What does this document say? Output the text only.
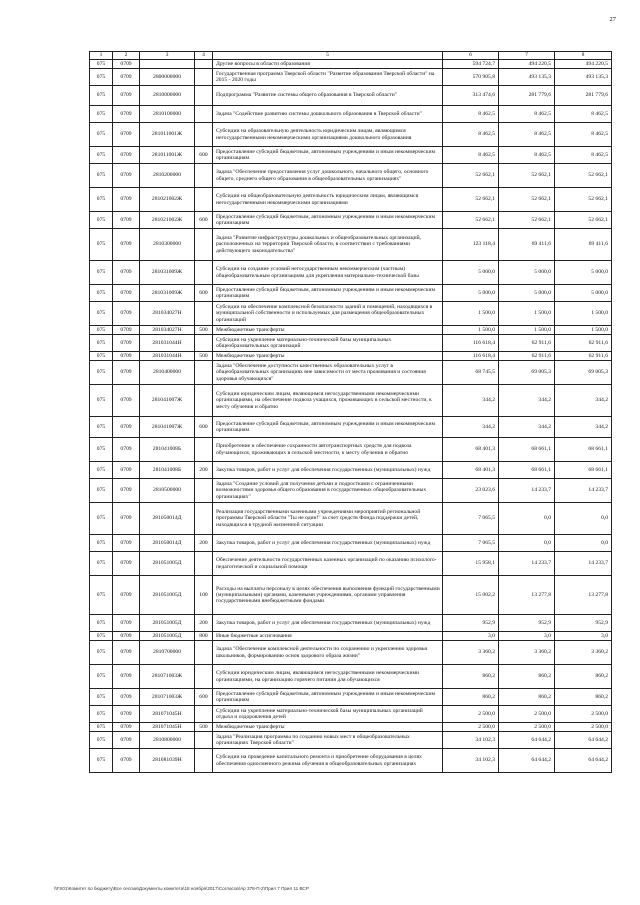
27
1	2	3	4	5	6	7	8
075	0709			Другие вопросы в области образования	594 724,7	494 220,5	494 220,5
075	0709	2800000000		Государственная программа Тверской области "Развитие образования Тверской области" на 2015 - 2020 годы	570 905,8	493 135,3	493 135,3
075	0709	2810000000		Подпрограмма "Развитие системы общего образования в Тверской области"	313 474,6	281 779,6	281 779,6
075	0709	2810100000		Задача "Содействие развитию системы дошкольного образования в Тверской области"	8 462,5	8 462,5	8 462,5
075	0709	281011001Ж		Субсидии на образовательную деятельность юридическим лицам, являющимся негосударственными некоммерческими организациями дошкольного образования	8 462,5	8 462,5	8 462,5
075	0709	281011001Ж	600	Предоставление субсидий бюджетным, автономным учреждениям и иным некоммерческим организациям	8 462,5	8 462,5	8 462,5
075	0709	2810200000		Задача "Обеспечение предоставления услуг дошкольного, начального общего, основного общего, среднего общего образования в общеобразовательных организациях"	52 662,1	52 662,1	52 662,1
075	0709	281021002Ж		Субсидии на общеобразовательную деятельность юридическим лицам, являющимся негосударственными некоммерческими организациями	52 662,1	52 662,1	52 662,1
075	0709	281021002Ж	600	Предоставление субсидий бюджетным, автономным учреждениям и иным некоммерческим организациям	52 662,1	52 662,1	52 662,1
075	0709	2810300000		Задача "Развитие инфраструктуры дошкольных и общеобразовательных организаций, расположенных на территории Тверской области, в соответствии с требованиями действующего законодательства"	123 118,4	69 411,6	69 411,6
075	0709	281031009Ж		Субсидии на создание условий негосударственным некоммерческим (частным) общеобразовательным организациям для укрепления материально-технической базы	5 000,0	5 000,0	5 000,0
075	0709	281031009Ж	600	Предоставление субсидий бюджетным, автономным учреждениям и иным некоммерческим организациям	5 000,0	5 000,0	5 000,0
075	0709	281034027Н		Субсидии на обеспечение комплексной безопасности зданий и помещений, находящихся в муниципальной собственности и используемых для размещения общеобразовательных организаций	1 500,0	1 500,0	1 500,0
075	0709	281034027Н	500	Межбюджетные трансферты	1 500,0	1 500,0	1 500,0
075	0709	281031044Н		Субсидии на укрепление материально-технической базы муниципальных общеобразовательных организаций	116 618,4	62 911,6	62 911,6
075	0709	281031044Н	500	Межбюджетные трансферты	116 618,4	62 911,6	62 911,6
075	0709	2810400000		Задача "Обеспечение доступности качественных образовательных услуг в общеобразовательных организациях вне зависимости от места проживания и состояния здоровья обучающихся"	68 745,5	69 005,3	69 005,3
075	0709	281041007Ж		Субсидии юридическим лицам, являющимся негосударственными некоммерческими организациями, на обеспечение подвоза учащихся, проживающих в сельской местности, к месту обучения и обратно	344,2	344,2	344,2
075	0709	281041007Ж	600	Предоставление субсидий бюджетным, автономным учреждениям и иным некоммерческим организациям	344,2	344,2	344,2
075	0709	281041008Б		Приобретение и обеспечение сохранности автотранспортных средств для подвоза обучающихся, проживающих в сельской местности, к месту обучения и обратно	68 401,3	68 661,1	68 661,1
075	0709	281041008Б	200	Закупка товаров, работ и услуг для обеспечения государственных (муниципальных) нужд	68 401,3	68 661,1	68 661,1
075	0709	2810500000		Задача "Создание условий для получения детьми и подростками с ограниченными возможностями здоровья общего образования в государственных общеобразовательных организациях"	23 023,6	14 233,7	14 233,7
075	0709	281050014Д		Реализация государственными казенными учреждениями мероприятий региональной программы Тверской области "Ты не один!" за счет средств Фонда поддержки детей, находящихся в трудной жизненной ситуации	7 065,5	0,0	0,0
075	0709	281050014Д	200	Закупка товаров, работ и услуг для обеспечения государственных (муниципальных) нужд	7 065,5	0,0	0,0
075	0709	281051005Д		Обеспечение деятельности государственных казенных организаций по оказанию психолого-педагогической и социальной помощи	15 958,1	14 233,7	14 233,7
075	0709	281051005Д	100	Расходы на выплаты персоналу в целях обеспечения выполнения функций государственными (муниципальными) органами, казенными учреждениями, органами управления государственными внебюджетными фондами	15 002,2	13 277,8	13 277,8
075	0709	281051005Д	200	Закупка товаров, работ и услуг для обеспечения государственных (муниципальных) нужд	952,9	952,9	952,9
075	0709	281051005Д	800	Иные бюджетные ассигнования	3,0	3,0	3,0
075	0709	2810700000		Задача "Обеспечение комплексной деятельности по сохранению и укреплению здоровья школьников, формированию основ здорового образа жизни"	3 360,2	3 360,2	3 360,2
075	0709	281071003Ж		Субсидии юридическим лицам, являющимся негосударственными некоммерческими организациями, на организацию горячего питания для обучающихся	860,2	860,2	860,2
075	0709	281071003Ж	600	Предоставление субсидий бюджетным, автономным учреждениям и иным некоммерческим организациям	860,2	860,2	860,2
075	0709	281071045Н		Субсидии на укрепление материально-технической базы муниципальных организаций отдыха и оздоровления детей	2 500,0	2 500,0	2 500,0
075	0709	281071045Н	500	Межбюджетные трансферты	2 500,0	2 500,0	2 500,0
075	0709	2810800000		Задача "Реализация программы по созданию новых мест в общеобразовательных организациях Тверской области"	34 102,3	64 644,2	64 644,2
075	0709	281081039Н		Субсидии на проведение капитального ремонта и приобретение оборудования в целях обеспечения односменного режима обучения в общеобразовательных организациях	34 102,3	64 644,2	64 644,2
\\FS01\Комитет по бюджету\Все сессии\Документы комитета\18 ноября\2017\Согласов\Ар 378-П-2\Прил 7 Прил 11 ВСР
